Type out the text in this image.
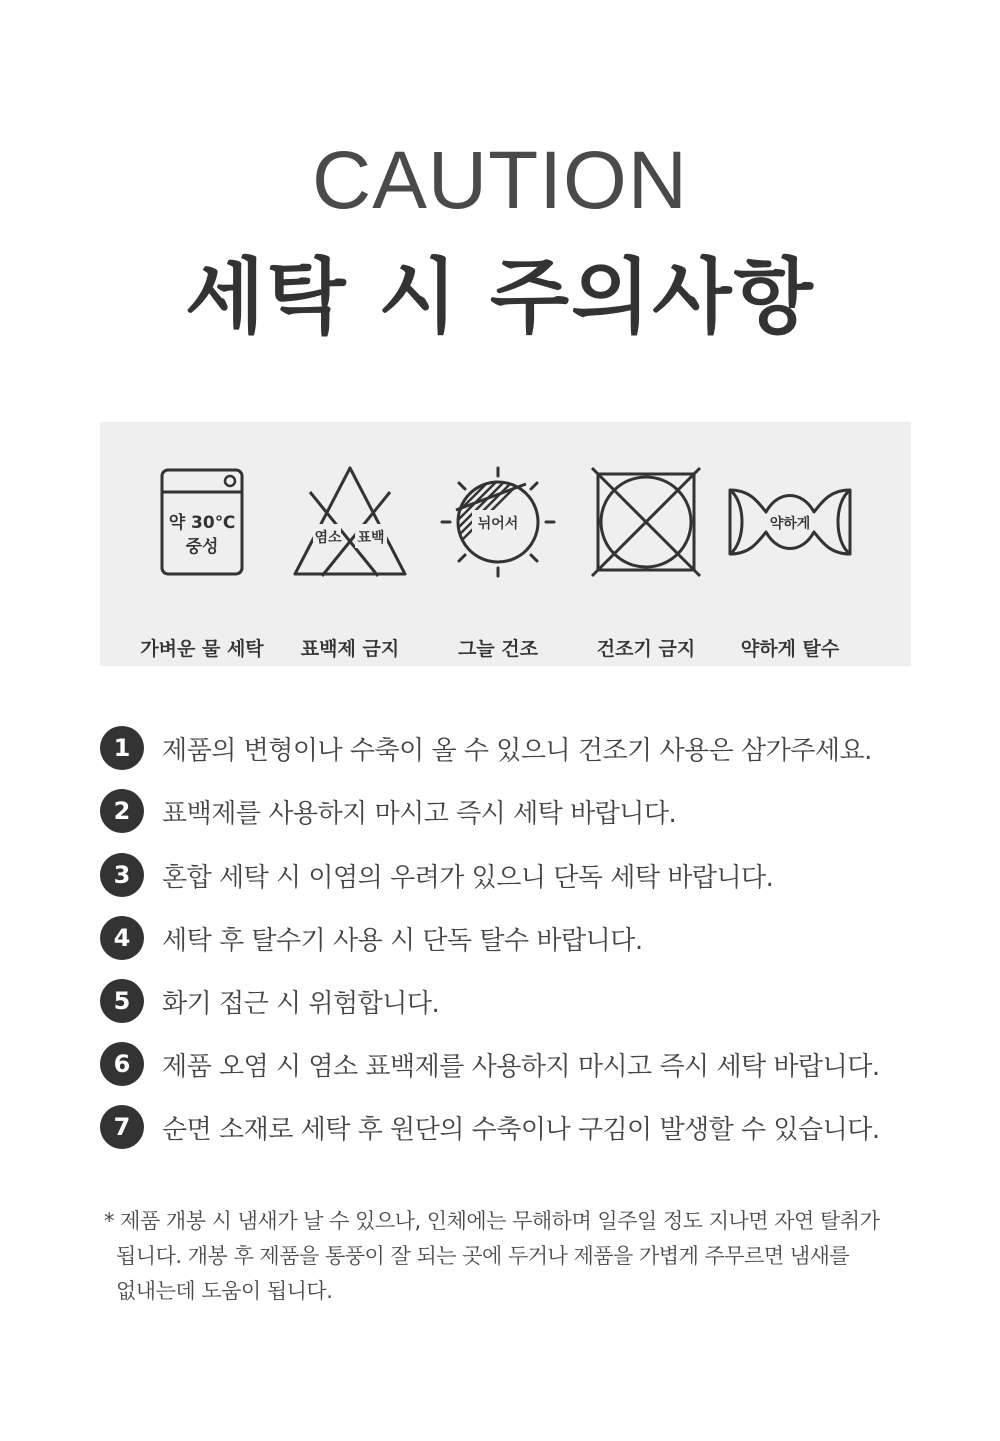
CAUTION
세탁 시 주의사항
약 30℃
중성
가벼운 물 세탁
염소 표백
표백제 금지
뉘어서
그늘 건조	건조기 금지
약하게
약하게 탈수
1	제품의 변형이나 수축이 올 수 있으니 건조기 사용은 삼가주세요.
2	표백제를 사용하지 마시고 즉시 세탁 바랍니다.
3	혼합 세탁 시 이염의 우려가 있으니 단독 세탁 바랍니다.
4	세탁 후 탈수기 사용 시 단독 탈수 바랍니다.
5	화기 접근 시 위험합니다.
6	제품 오염 시 염소 표백제를 사용하지 마시고 즉시 세탁 바랍니다.
7	순면 소재로 세탁 후 원단의 수축이나 구김이 발생할 수 있습니다.
* 제품 개봉 시 냄새가 날 수 있으나, 인체에는 무해하며 일주일 정도 지나면 자연 탈취가
됩니다. 개봉 후 제품을 통풍이 잘 되는 곳에 두거나 제품을 가볍게 주무르면 냄새를
없내는데 도움이 됩니다.
